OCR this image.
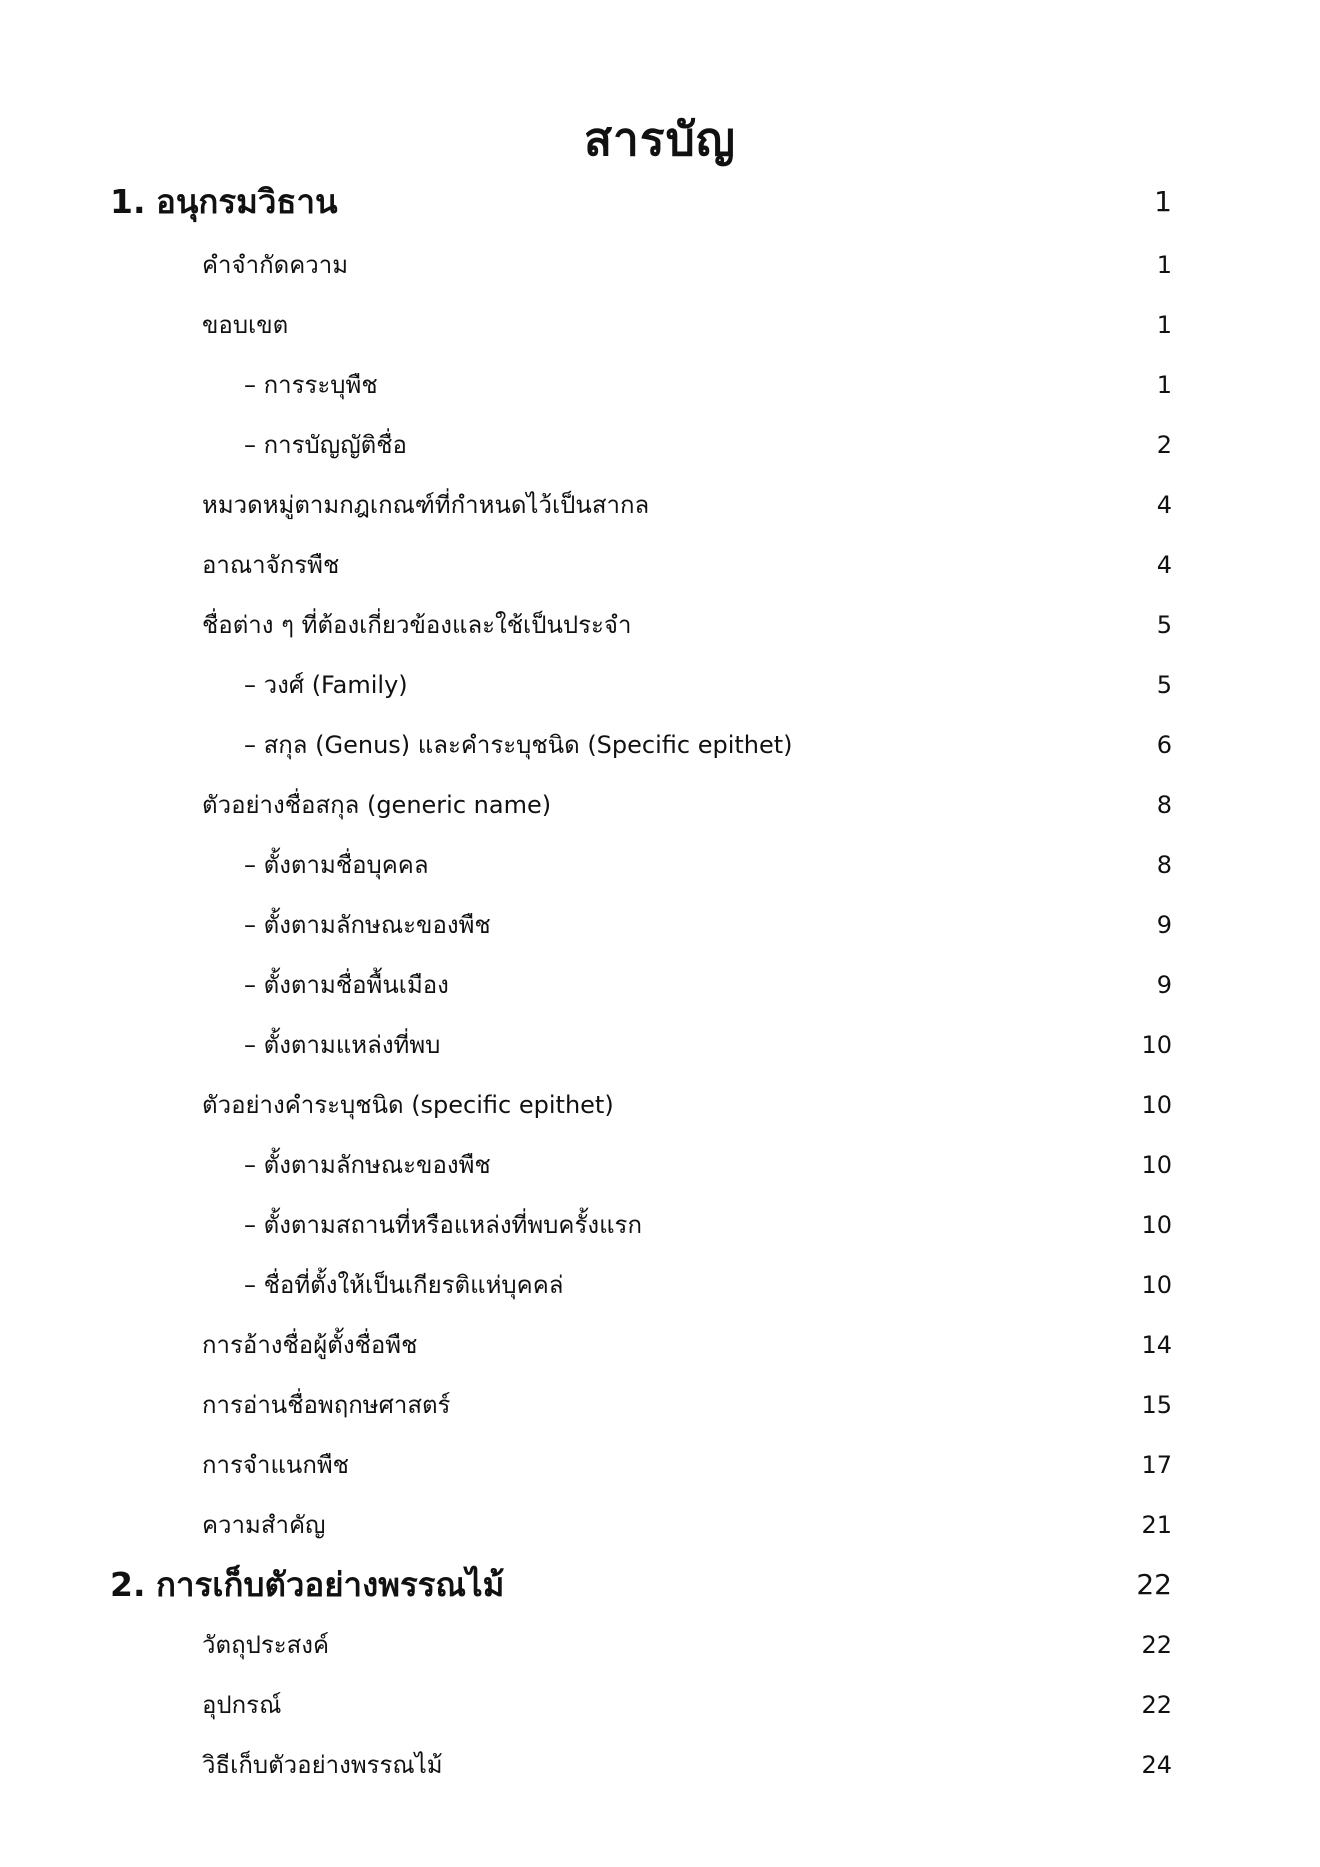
สารบัญ
1. อนุกรมวิธาน	1
คำจำกัดความ	1
ขอบเขต	1
– การระบุพืช	1
– การบัญญัติชื่อ	2
หมวดหมู่ตามกฎเกณฑ์ที่กำหนดไว้เป็นสากล	4
อาณาจักรพืช	4
ชื่อต่าง ๆ ที่ต้องเกี่ยวข้องและใช้เป็นประจำ	5
– วงศ์ (Family)	5
– สกุล (Genus) และคำระบุชนิด (Specific epithet)	6
ตัวอย่างชื่อสกุล (generic name)	8
– ตั้งตามชื่อบุคคล	8
– ตั้งตามลักษณะของพืช	9
– ตั้งตามชื่อพื้นเมือง	9
– ตั้งตามแหล่งที่พบ	10
ตัวอย่างคำระบุชนิด (specific epithet)	10
– ตั้งตามลักษณะของพืช	10
– ตั้งตามสถานที่หรือแหล่งที่พบครั้งแรก	10
– ชื่อที่ตั้งให้เป็นเกียรติแห่บุคคล่	10
การอ้างชื่อผู้ตั้งชื่อพืช	14
การอ่านชื่อพฤกษศาสตร์	15
การจำแนกพืช	17
ความสำคัญ	21
2. การเก็บตัวอย่างพรรณไม้	22
วัตถุประสงค์	22
อุปกรณ์	22
วิธีเก็บตัวอย่างพรรณไม้	24
